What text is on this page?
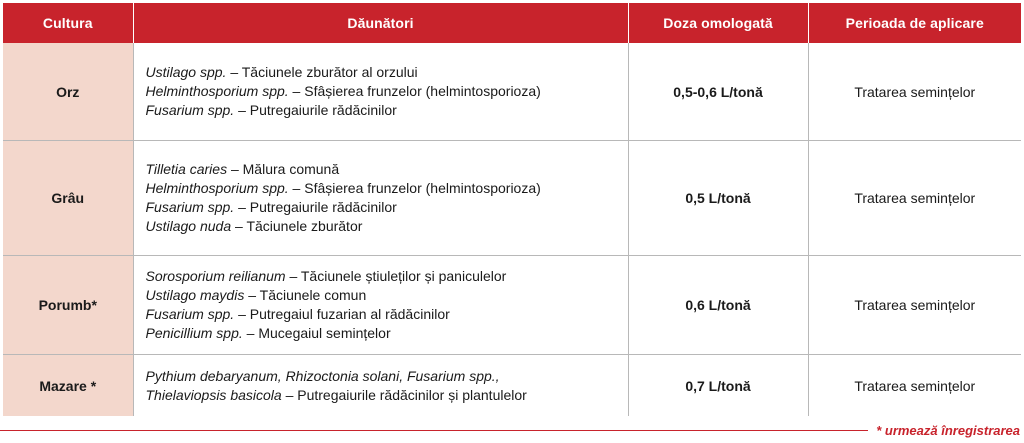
Cultura	Dăunători	Doza omologată	Perioada de aplicare
Orz	Ustilago spp. – Tăciunele zburător al orzului
Helminthosporium spp. – Sfâșierea frunzelor (helmintosporioza)
Fusarium spp. – Putregaiurile rădăcinilor	0,5-0,6 L/tonă	Tratarea semințelor
Grâu	Tilletia caries – Mălura comună
Helminthosporium spp. – Sfâșierea frunzelor (helmintosporioza)
Fusarium spp. – Putregaiurile rădăcinilor
Ustilago nuda – Tăciunele zburător	0,5 L/tonă	Tratarea semințelor
Porumb*	Sorosporium reilianum – Tăciunele știuleților și paniculelor
Ustilago maydis – Tăciunele comun
Fusarium spp. – Putregaiul fuzarian al rădăcinilor
Penicillium spp. – Mucegaiul semințelor	0,6 L/tonă	Tratarea semințelor
Mazare *	Pythium debaryanum, Rhizoctonia solani, Fusarium spp.,
Thielaviopsis basicola – Putregaiurile rădăcinilor și plantulelor	0,7 L/tonă	Tratarea semințelor
* urmează înregistrarea
